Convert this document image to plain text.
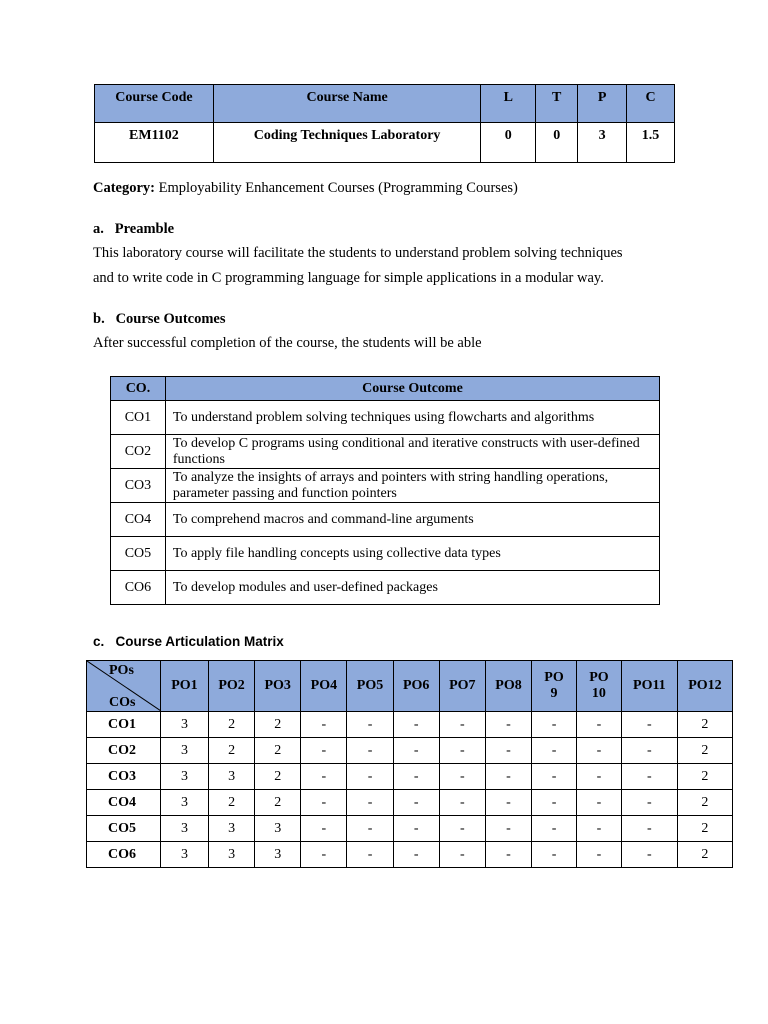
Course Code	Course Name	L	T	P	C
EM1102	Coding Techniques Laboratory	0	0	3	1.5
Category: Employability Enhancement Courses (Programming Courses)
a.   Preamble
This laboratory course will facilitate the students to understand problem solving techniques
and to write code in C programming language for simple applications in a modular way.
b.   Course Outcomes
After successful completion of the course, the students will be able
CO.	Course Outcome
CO1	To understand problem solving techniques using flowcharts and algorithms
CO2	To develop C programs using conditional and iterative constructs with user-defined functions
CO3	To analyze the insights of arrays and pointers with string handling operations, parameter passing and function pointers
CO4	To comprehend macros and command-line arguments
CO5	To apply file handling concepts using collective data types
CO6	To develop modules and user-defined packages
c.   Course Articulation Matrix
POs
COs	PO1	PO2	PO3	PO4	PO5	PO6	PO7	PO8	PO 9	PO 10	PO11	PO12
CO1	3	2	2	-	-	-	-	-	-	-	-	2
CO2	3	2	2	-	-	-	-	-	-	-	-	2
CO3	3	3	2	-	-	-	-	-	-	-	-	2
CO4	3	2	2	-	-	-	-	-	-	-	-	2
CO5	3	3	3	-	-	-	-	-	-	-	-	2
CO6	3	3	3	-	-	-	-	-	-	-	-	2
